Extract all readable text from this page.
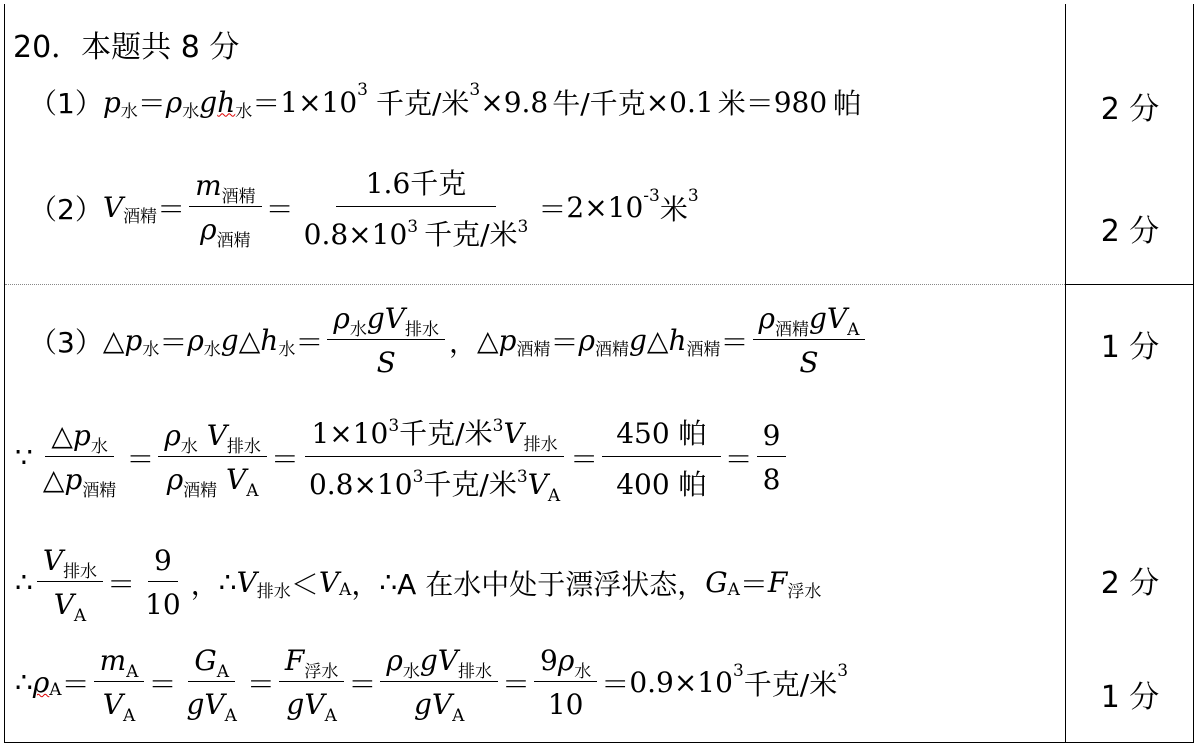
20．本题共 8 分
（1） p 水 ＝ ρ 水 g h 水 ＝ 1×10 3 千克/米 3 × 9.8 牛/千克 × 0.1 米 ＝ 980 帕
（2） V 酒精 ＝ $\frac{m_{酒精}}{\rho_{酒精}} = \frac{\text{1.6千克}}{0.8\times 10^3 千克/米^3} = 2\times 10$ -3 米 3
（3） △ p 水 ＝ ρ 水 g △ h 水 ＝ $\frac{\rho_水gV_{排水}}{S}$ ， △ p 酒精 ＝ ρ 酒精 g △ h 酒精 ＝ $\frac{\rho_{酒精}gV_A}{S}$
∵ $\frac{\triangle p_水}{\triangle p_{酒精}} = \frac{\rho_水 V_{排水}}{\rho_{酒精} V_A} = \frac{1\times 10^3千克/米^3V_{排水}}{0.8\times 10^3千克/米^3V_A} = \frac{\text{450 帕}}{\text{400 帕}} = \frac{9}{8}$
∴ $\frac{V_{排水}}{V_A} = \frac{9}{10}$ ， ∴ V 排水 ＜ V A ， ∴ A 在水中处于漂浮状态， G A ＝ F 浮水
∴ ρ $A = \frac{m_A}{V_A} = \frac{G_A}{gV_A} = \frac{F_{浮水}}{gV_A} = \frac{\rho_水gV_{排水}}{gV_A} = \frac{9\rho_水}{10} = 0.9\times 10$ 3 千克/米 3
2 分
2 分
1 分
2 分
1 分
